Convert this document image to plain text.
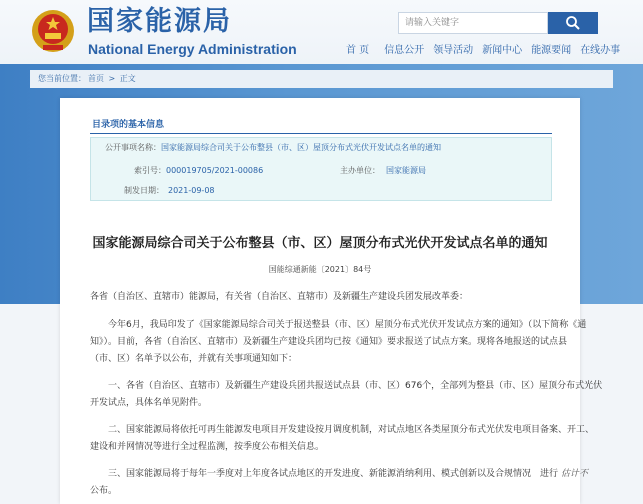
国家能源局
National Energy Administration
请输入关键字
首 页 信息公开 领导活动 新闻中心 能源要闻 在线办事
您当前位置： 首页 > 正文
目录项的基本信息
公开事项名称：国家能源局综合司关于公布整县（市、区）屋顶分布式光伏开发试点名单的通知
索引号：000019705/2021-00086	主办单位： 国家能源局
制发日期： 2021-09-08
国家能源局综合司关于公布整县（市、区）屋顶分布式光伏开发试点名单的通知
国能综通新能〔2021〕84号
各省（自治区、直辖市）能源局，有关省（自治区、直辖市）及新疆生产建设兵团发展改革委：
今年6月，我局印发了《国家能源局综合司关于报送整县（市、区）屋顶分布式光伏开发试点方案的通知》（以下简称《通
知》）。目前，各省（自治区、直辖市）及新疆生产建设兵团均已按《通知》要求报送了试点方案。现将各地报送的试点县
（市、区）名单予以公布，并就有关事项通知如下：
一、各省（自治区、直辖市）及新疆生产建设兵团共报送试点县（市、区）676个，全部列为整县（市、区）屋顶分布式光伏
开发试点，具体名单见附件。
二、国家能源局将依托可再生能源发电项目开发建设按月调度机制，对试点地区各类屋顶分布式光伏发电项目备案、开工、
建设和并网情况等进行全过程监测，按季度公布相关信息。
三、国家能源局将于每年一季度对上年度各试点地区的开发进度、新能源消纳利用、模式创新以及合规情况　进行 估计不
公布。
